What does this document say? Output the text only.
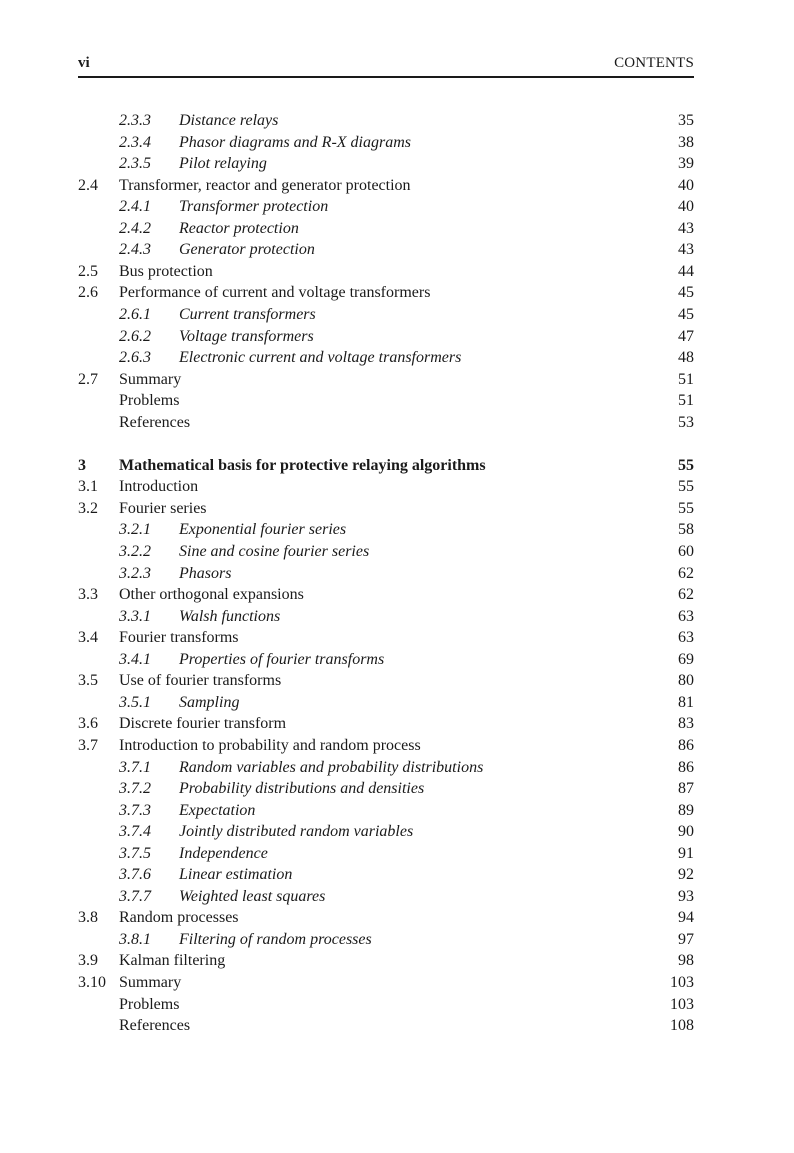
vi	CONTENTS
2.3.3 Distance relays	35
2.3.4 Phasor diagrams and R-X diagrams	38
2.3.5 Pilot relaying	39
2.4 Transformer, reactor and generator protection	40
2.4.1 Transformer protection	40
2.4.2 Reactor protection	43
2.4.3 Generator protection	43
2.5 Bus protection	44
2.6 Performance of current and voltage transformers	45
2.6.1 Current transformers	45
2.6.2 Voltage transformers	47
2.6.3 Electronic current and voltage transformers	48
2.7 Summary	51
Problems	51
References	53
3 Mathematical basis for protective relaying algorithms	55
3.1 Introduction	55
3.2 Fourier series	55
3.2.1 Exponential fourier series	58
3.2.2 Sine and cosine fourier series	60
3.2.3 Phasors	62
3.3 Other orthogonal expansions	62
3.3.1 Walsh functions	63
3.4 Fourier transforms	63
3.4.1 Properties of fourier transforms	69
3.5 Use of fourier transforms	80
3.5.1 Sampling	81
3.6 Discrete fourier transform	83
3.7 Introduction to probability and random process	86
3.7.1 Random variables and probability distributions	86
3.7.2 Probability distributions and densities	87
3.7.3 Expectation	89
3.7.4 Jointly distributed random variables	90
3.7.5 Independence	91
3.7.6 Linear estimation	92
3.7.7 Weighted least squares	93
3.8 Random processes	94
3.8.1 Filtering of random processes	97
3.9 Kalman filtering	98
3.10 Summary	103
Problems	103
References	108
